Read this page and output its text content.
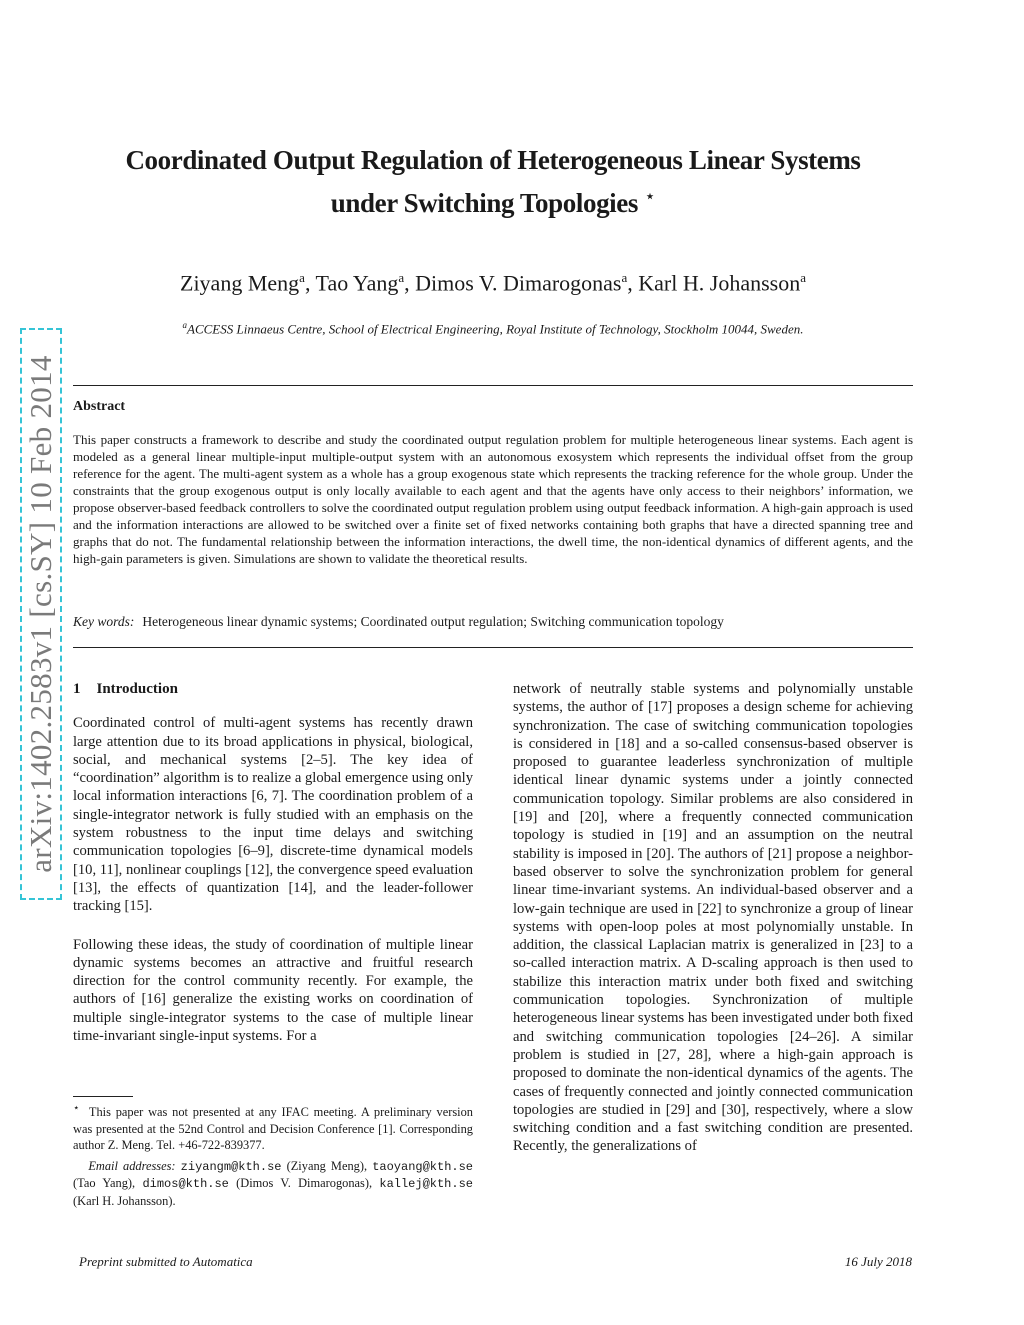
arXiv:1402.2583v1 [cs.SY] 10 Feb 2014
Coordinated Output Regulation of Heterogeneous Linear Systems
under Switching Topologies ⋆
Ziyang Meng$^a$, Tao Yang$^a$, Dimos V. Dimarogonas$^a$, Karl H. Johansson$^a$
$^a$ACCESS Linnaeus Centre, School of Electrical Engineering, Royal Institute of Technology, Stockholm 10044, Sweden.
Abstract
This paper constructs a framework to describe and study the coordinated output regulation problem for multiple heterogeneous linear systems. Each agent is modeled as a general linear multiple-input multiple-output system with an autonomous exosystem which represents the individual offset from the group reference for the agent. The multi-agent system as a whole has a group exogenous state which represents the tracking reference for the whole group. Under the constraints that the group exogenous output is only locally available to each agent and that the agents have only access to their neighbors’ information, we propose observer-based feedback controllers to solve the coordinated output regulation problem using output feedback information. A high-gain approach is used and the information interactions are allowed to be switched over a finite set of fixed networks containing both graphs that have a directed spanning tree and graphs that do not. The fundamental relationship between the information interactions, the dwell time, the non-identical dynamics of different agents, and the high-gain parameters is given. Simulations are shown to validate the theoretical results.
Key words: Heterogeneous linear dynamic systems; Coordinated output regulation; Switching communication topology

1 Introduction

Coordinated control of multi-agent systems has recently drawn large attention due to its broad applications in physical, biological, social, and mechanical systems [2–5]. The key idea of “coordination” algorithm is to realize a global emergence using only local information interactions [6, 7]. The coordination problem of a single-integrator network is fully studied with an emphasis on the system robustness to the input time delays and switching communication topologies [6–9], discrete-time dynamical models [10, 11], nonlinear couplings [12], the convergence speed evaluation [13], the effects of quantization [14], and the leader-follower tracking [15].

Following these ideas, the study of coordination of multiple linear dynamic systems becomes an attractive and fruitful research direction for the control community recently. For example, the authors of [16] generalize the existing works on coordination of multiple single-integrator systems to the case of multiple linear time-invariant single-input systems. For a

⋆ This paper was not presented at any IFAC meeting. A preliminary version was presented at the 52nd Control and Decision Conference [1]. Corresponding author Z. Meng. Tel. +46-722-839377.

Email addresses: ziyangm@kth.se (Ziyang Meng), taoyang@kth.se (Tao Yang), dimos@kth.se (Dimos V. Dimarogonas), kallej@kth.se (Karl H. Johansson).

network of neutrally stable systems and polynomially unstable systems, the author of [17] proposes a design scheme for achieving synchronization. The case of switching communication topologies is considered in [18] and a so-called consensus-based observer is proposed to guarantee leaderless synchronization of multiple identical linear dynamic systems under a jointly connected communication topology. Similar problems are also considered in [19] and [20], where a frequently connected communication topology is studied in [19] and an assumption on the neutral stability is imposed in [20]. The authors of [21] propose a neighbor-based observer to solve the synchronization problem for general linear time-invariant systems. An individual-based observer and a low-gain technique are used in [22] to synchronize a group of linear systems with open-loop poles at most polynomially unstable. In addition, the classical Laplacian matrix is generalized in [23] to a so-called interaction matrix. A D-scaling approach is then used to stabilize this interaction matrix under both fixed and switching communication topologies. Synchronization of multiple heterogeneous linear systems has been investigated under both fixed and switching communication topologies [24–26]. A similar problem is studied in [27, 28], where a high-gain approach is proposed to dominate the non-identical dynamics of the agents. The cases of frequently connected and jointly connected communication topologies are studied in [29] and [30], respectively, where a slow switching condition and a fast switching condition are presented. Recently, the generalizations of

Preprint submitted to Automatica	16 July 2018
